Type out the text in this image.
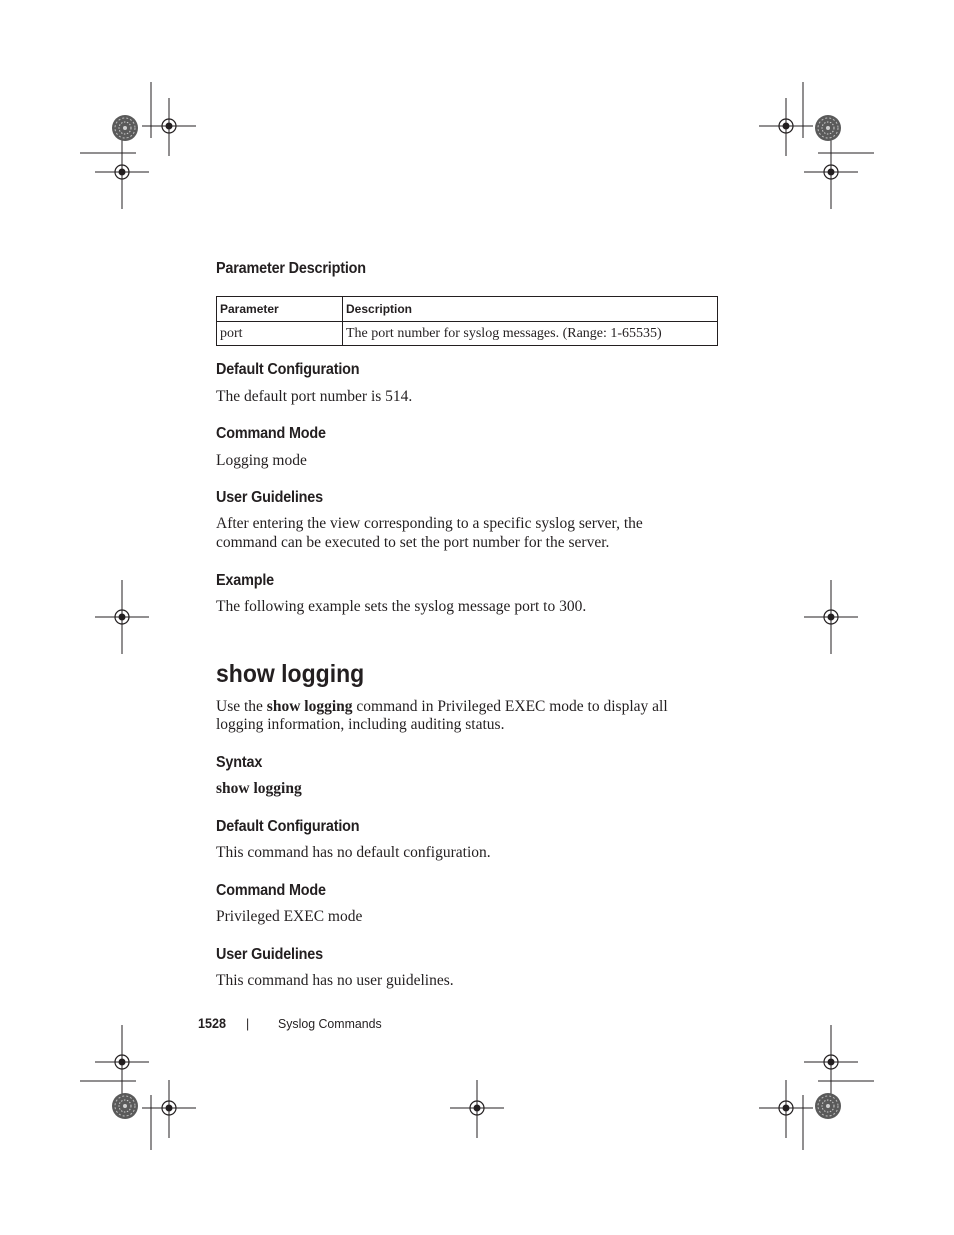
Parameter Description
Parameter	Description
port	The port number for syslog messages. (Range: 1-65535)
Default Configuration
The default port number is 514.
Command Mode
Logging mode
User Guidelines
After entering the view corresponding to a specific syslog server, the
command can be executed to set the port number for the server.
Example
The following example sets the syslog message port to 300.
show logging
Use the show logging command in Privileged EXEC mode to display all
logging information, including auditing status.
Syntax
show logging
Default Configuration
This command has no default configuration.
Command Mode
Privileged EXEC mode
User Guidelines
This command has no user guidelines.
1528 | Syslog Commands
